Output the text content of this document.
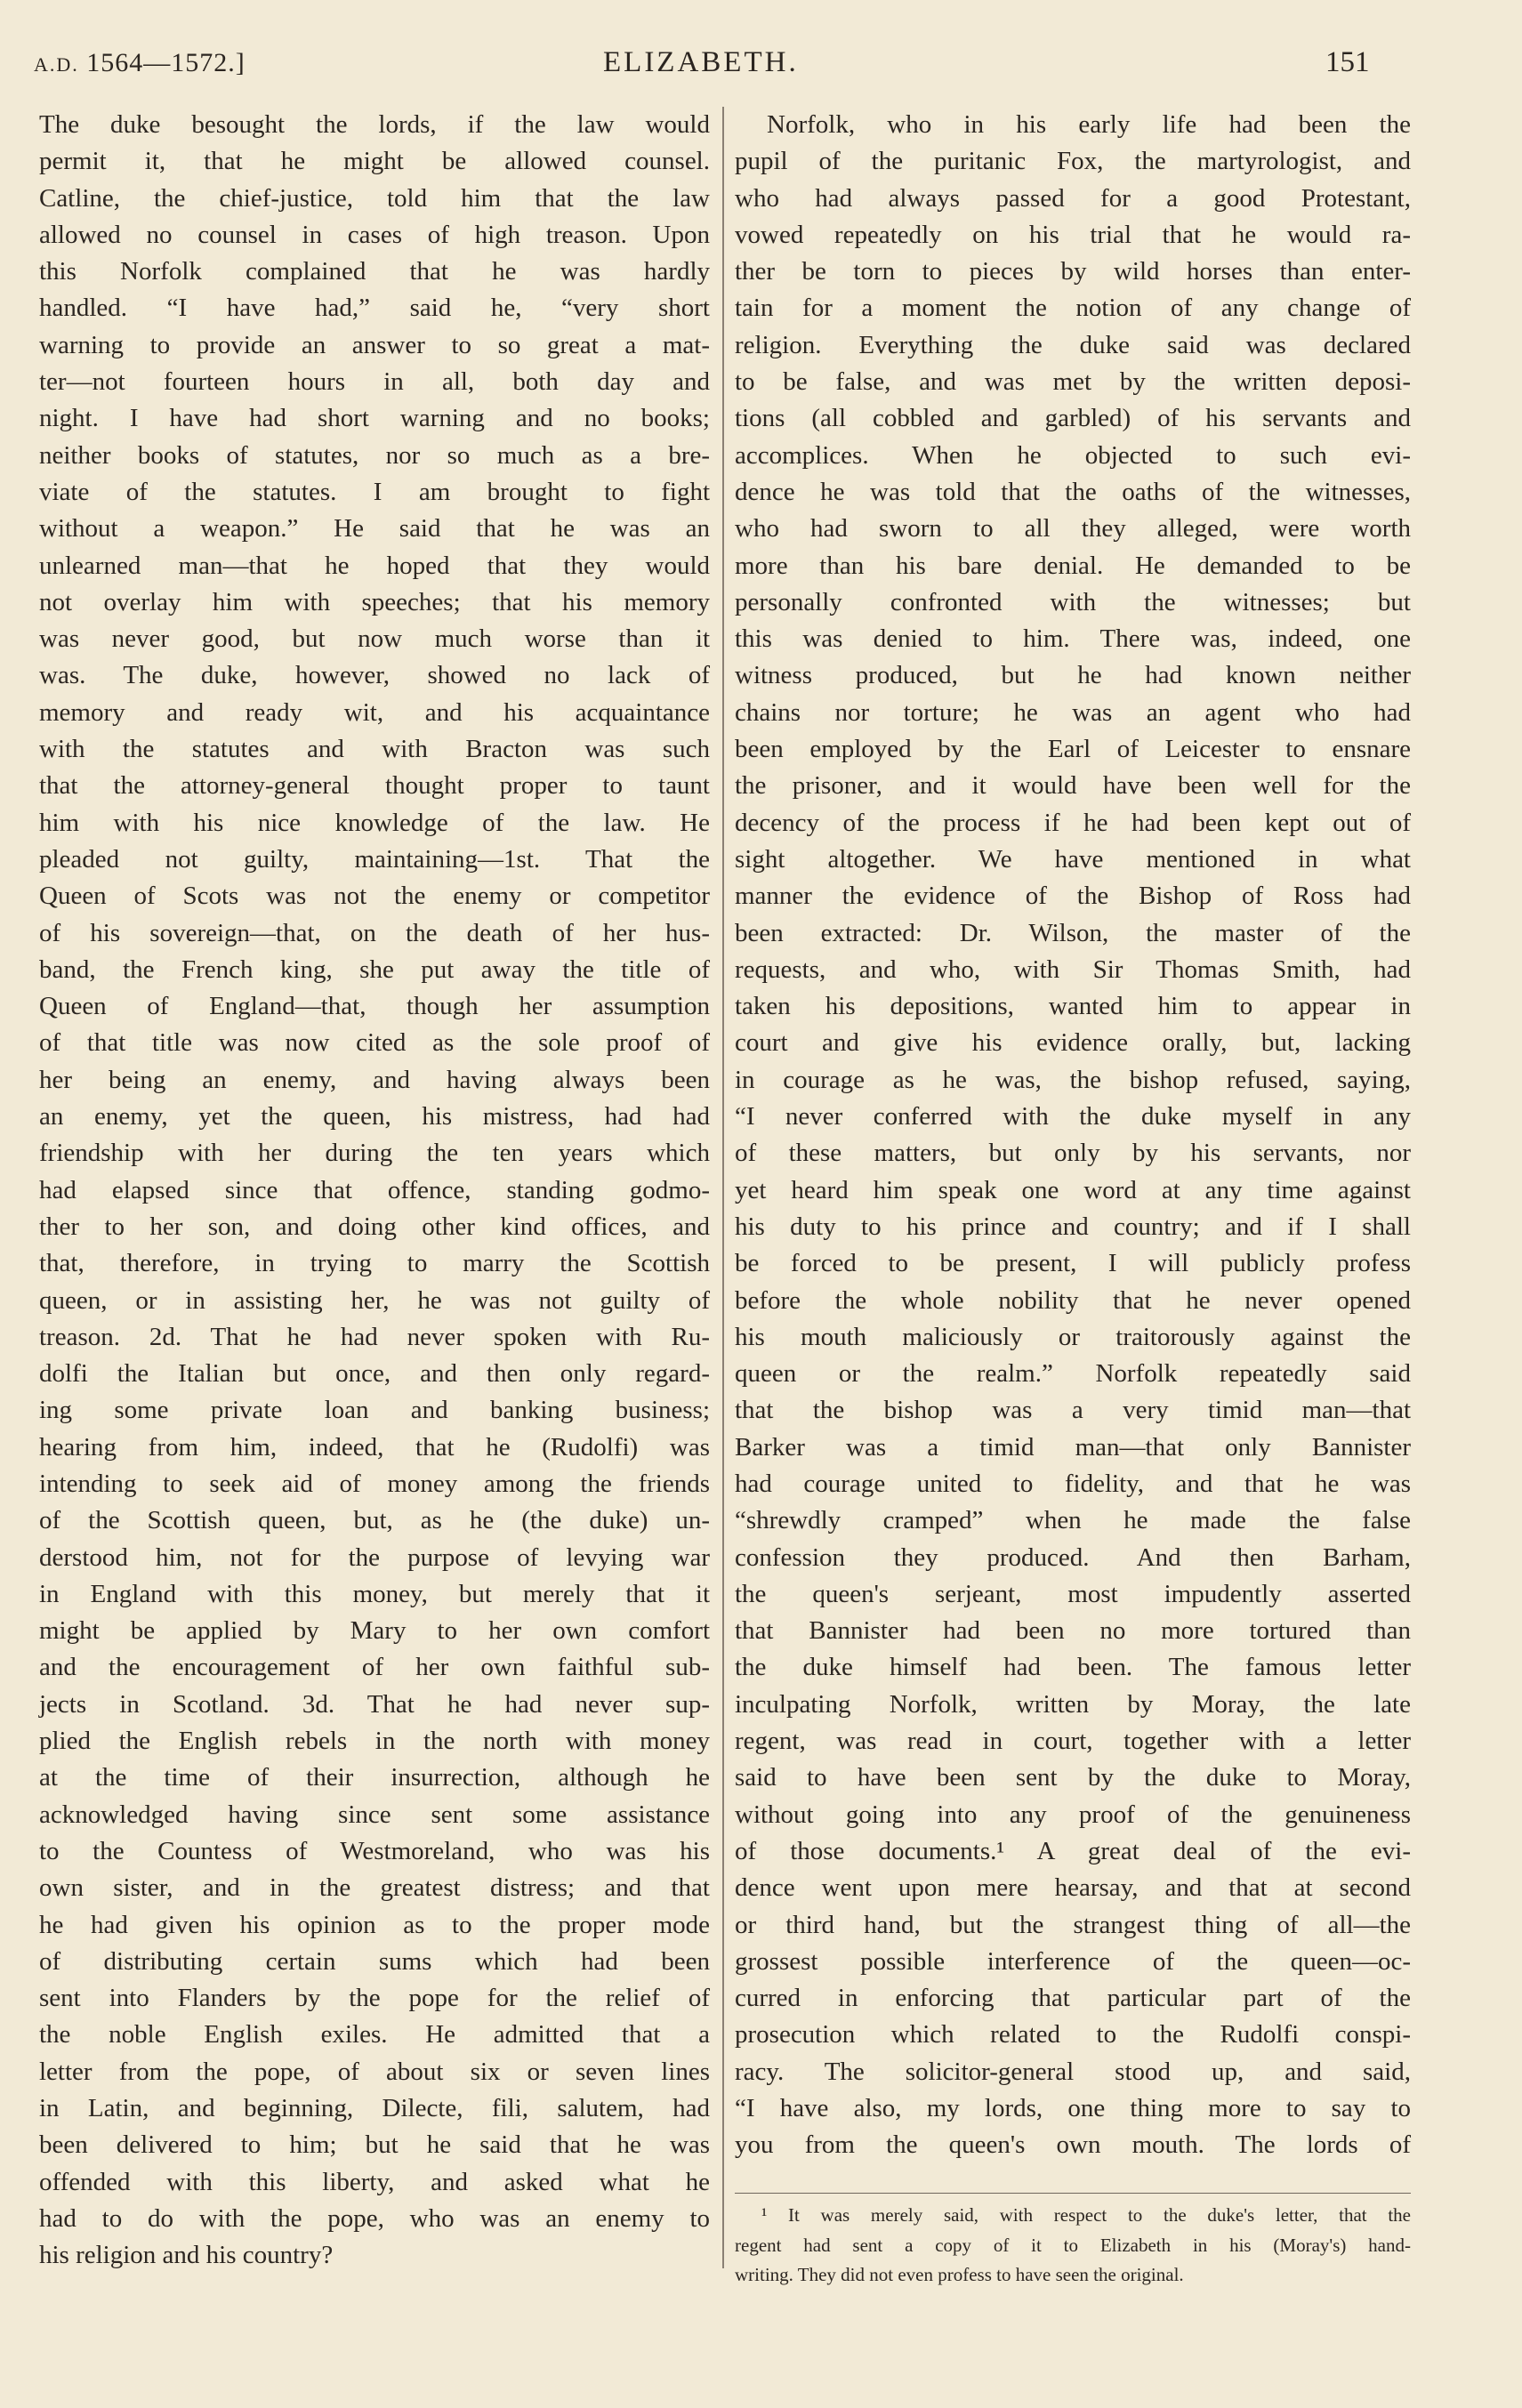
A.D. 1564—1572.]	ELIZABETH.	151
The duke besought the lords, if the law would
permit it, that he might be allowed counsel.
Catline, the chief-justice, told him that the law
allowed no counsel in cases of high treason. Upon
this Norfolk complained that he was hardly
handled. “I have had,” said he, “very short
warning to provide an answer to so great a mat-
ter—not fourteen hours in all, both day and
night. I have had short warning and no books;
neither books of statutes, nor so much as a bre-
viate of the statutes. I am brought to fight
without a weapon.” He said that he was an
unlearned man—that he hoped that they would
not overlay him with speeches; that his memory
was never good, but now much worse than it
was. The duke, however, showed no lack of
memory and ready wit, and his acquaintance
with the statutes and with Bracton was such
that the attorney-general thought proper to taunt
him with his nice knowledge of the law. He
pleaded not guilty, maintaining—1st. That the
Queen of Scots was not the enemy or competitor
of his sovereign—that, on the death of her hus-
band, the French king, she put away the title of
Queen of England—that, though her assumption
of that title was now cited as the sole proof of
her being an enemy, and having always been
an enemy, yet the queen, his mistress, had had
friendship with her during the ten years which
had elapsed since that offence, standing godmo-
ther to her son, and doing other kind offices, and
that, therefore, in trying to marry the Scottish
queen, or in assisting her, he was not guilty of
treason. 2d. That he had never spoken with Ru-
dolfi the Italian but once, and then only regard-
ing some private loan and banking business;
hearing from him, indeed, that he (Rudolfi) was
intending to seek aid of money among the friends
of the Scottish queen, but, as he (the duke) un-
derstood him, not for the purpose of levying war
in England with this money, but merely that it
might be applied by Mary to her own comfort
and the encouragement of her own faithful sub-
jects in Scotland. 3d. That he had never sup-
plied the English rebels in the north with money
at the time of their insurrection, although he
acknowledged having since sent some assistance
to the Countess of Westmoreland, who was his
own sister, and in the greatest distress; and that
he had given his opinion as to the proper mode
of distributing certain sums which had been
sent into Flanders by the pope for the relief of
the noble English exiles. He admitted that a
letter from the pope, of about six or seven lines
in Latin, and beginning, Dilecte, fili, salutem, had
been delivered to him; but he said that he was
offended with this liberty, and asked what he
had to do with the pope, who was an enemy to
his religion and his country?
Norfolk, who in his early life had been the
pupil of the puritanic Fox, the martyrologist, and
who had always passed for a good Protestant,
vowed repeatedly on his trial that he would ra-
ther be torn to pieces by wild horses than enter-
tain for a moment the notion of any change of
religion. Everything the duke said was declared
to be false, and was met by the written deposi-
tions (all cobbled and garbled) of his servants and
accomplices. When he objected to such evi-
dence he was told that the oaths of the witnesses,
who had sworn to all they alleged, were worth
more than his bare denial. He demanded to be
personally confronted with the witnesses; but
this was denied to him. There was, indeed, one
witness produced, but he had known neither
chains nor torture; he was an agent who had
been employed by the Earl of Leicester to ensnare
the prisoner, and it would have been well for the
decency of the process if he had been kept out of
sight altogether. We have mentioned in what
manner the evidence of the Bishop of Ross had
been extracted: Dr. Wilson, the master of the
requests, and who, with Sir Thomas Smith, had
taken his depositions, wanted him to appear in
court and give his evidence orally, but, lacking
in courage as he was, the bishop refused, saying,
“I never conferred with the duke myself in any
of these matters, but only by his servants, nor
yet heard him speak one word at any time against
his duty to his prince and country; and if I shall
be forced to be present, I will publicly profess
before the whole nobility that he never opened
his mouth maliciously or traitorously against the
queen or the realm.” Norfolk repeatedly said
that the bishop was a very timid man—that
Barker was a timid man—that only Bannister
had courage united to fidelity, and that he was
“shrewdly cramped” when he made the false
confession they produced. And then Barham,
the queen's serjeant, most impudently asserted
that Bannister had been no more tortured than
the duke himself had been. The famous letter
inculpating Norfolk, written by Moray, the late
regent, was read in court, together with a letter
said to have been sent by the duke to Moray,
without going into any proof of the genuineness
of those documents.¹ A great deal of the evi-
dence went upon mere hearsay, and that at second
or third hand, but the strangest thing of all—the
grossest possible interference of the queen—oc-
curred in enforcing that particular part of the
prosecution which related to the Rudolfi conspi-
racy. The solicitor-general stood up, and said,
“I have also, my lords, one thing more to say to
you from the queen's own mouth. The lords of
¹ It was merely said, with respect to the duke's letter, that the
regent had sent a copy of it to Elizabeth in his (Moray's) hand-
writing. They did not even profess to have seen the original.
